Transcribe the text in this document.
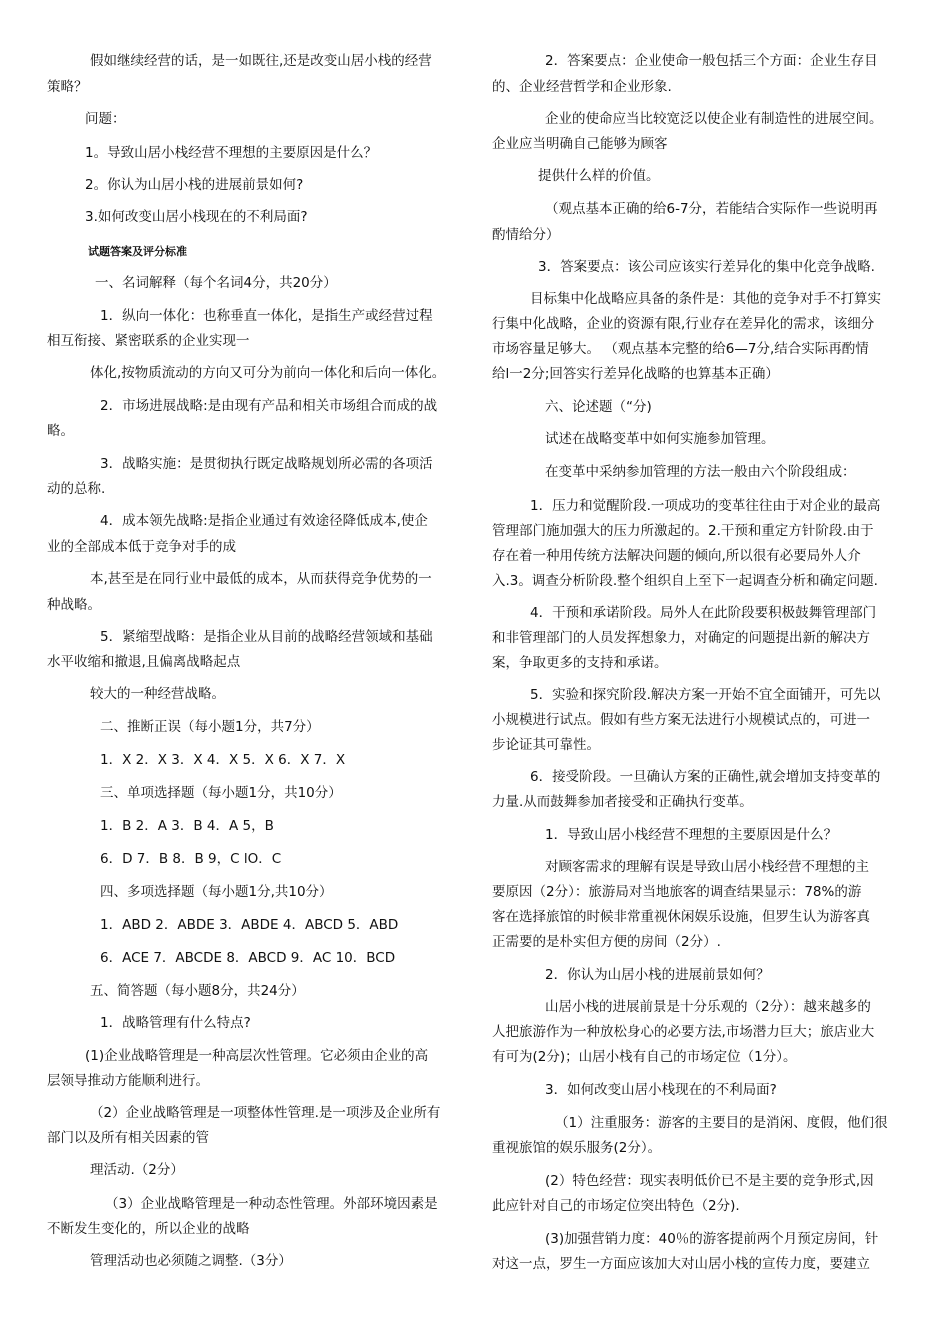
假如继续经营的话，是一如既往,还是改变山居小栈的经营
策略？
问题：
1。导致山居小栈经营不理想的主要原因是什么？
2。你认为山居小栈的进展前景如何?
3.如何改变山居小栈现在的不利局面?
试题答案及评分标准
一、名词解释（每个名词4分，共20分）
1．纵向一体化：也称垂直一体化，是指生产或经营过程
相互衔接、紧密联系的企业实现一
体化,按物质流动的方向又可分为前向一体化和后向一体化。
2．市场进展战略:是由现有产品和相关市场组合而成的战
略。
3．战略实施：是贯彻执行既定战略规划所必需的各项活
动的总称.
4．成本领先战略:是指企业通过有效途径降低成本,使企
业的全部成本低于竞争对手的成
本,甚至是在同行业中最低的成本，从而获得竞争优势的一
种战略。
5．紧缩型战略：是指企业从目前的战略经营领域和基础
水平收缩和撤退,且偏离战略起点
较大的一种经营战略。
二、推断正误（每小题1分，共7分）
1．X 2．X 3．X 4．X 5．X 6．X 7．X
三、单项选择题（每小题1分，共10分）
1．B 2．A 3．B 4．A 5，B
6．D 7．B 8．B 9，C lO．C
四、多项选择题（每小题1分,共10分）
1．ABD 2．ABDE 3．ABDE 4．ABCD 5．ABD
6．ACE 7．ABCDE 8．ABCD 9．AC 10．BCD
五、简答题（每小题8分，共24分）
1．战略管理有什么特点?
(1)企业战略管理是一种高层次性管理。它必须由企业的高
层领导推动方能顺利进行。
（2）企业战略管理是一项整体性管理.是一项涉及企业所有
部门以及所有相关因素的管
理活动.（2分）
（3）企业战略管理是一种动态性管理。外部环境因素是
不断发生变化的，所以企业的战略
管理活动也必须随之调整.（3分）
2．答案要点：企业使命一般包括三个方面：企业生存目
的、企业经营哲学和企业形象.
企业的使命应当比较宽泛以使企业有制造性的进展空间。
企业应当明确自己能够为顾客
提供什么样的价值。
（观点基本正确的给6-7分，若能结合实际作一些说明再
酌情给分）
3．答案要点：该公司应该实行差异化的集中化竞争战略.
目标集中化战略应具备的条件是：其他的竞争对手不打算实
行集中化战略，企业的资源有限,行业存在差异化的需求，该细分
市场容量足够大。 （观点基本完整的给6—7分,结合实际再酌情
给l一2分;回答实行差异化战略的也算基本正确）
六、论述题（“分)
试述在战略变革中如何实施参加管理。
在变革中采纳参加管理的方法一般由六个阶段组成：
1．压力和觉醒阶段.一项成功的变革往往由于对企业的最高
管理部门施加强大的压力所激起的。2.干预和重定方针阶段.由于
存在着一种用传统方法解决问题的倾向,所以很有必要局外人介
入.3。调查分析阶段.整个组织自上至下一起调查分析和确定问题.
4．干预和承诺阶段。局外人在此阶段要积极鼓舞管理部门
和非管理部门的人员发挥想象力，对确定的问题提出新的解决方
案，争取更多的支持和承诺。
5．实验和探究阶段.解决方案一开始不宜全面铺开，可先以
小规模进行试点。假如有些方案无法进行小规模试点的，可进一
步论证其可靠性。
6．接受阶段。一旦确认方案的正确性,就会增加支持变革的
力量.从而鼓舞参加者接受和正确执行变革。
1．导致山居小栈经营不理想的主要原因是什么？
对顾客需求的理解有误是导致山居小栈经营不理想的主
要原因（2分）：旅游局对当地旅客的调查结果显示：78%的游
客在选择旅馆的时候非常重视休闲娱乐设施，但罗生认为游客真
正需要的是朴实但方便的房间（2分）.
2．你认为山居小栈的进展前景如何？
山居小栈的进展前景是十分乐观的（2分）：越来越多的
人把旅游作为一种放松身心的必要方法,市场潜力巨大；旅店业大
有可为(2分)；山居小栈有自己的市场定位（1分）。
3．如何改变山居小栈现在的不利局面?
（1）注重服务：游客的主要目的是消闲、度假，他们很
重视旅馆的娱乐服务(2分）。
(2）特色经营：现实表明低价已不是主要的竞争形式,因
此应针对自己的市场定位突出特色（2分).
(3)加强营销力度：40％的游客提前两个月预定房间，针
对这一点，罗生一方面应该加大对山居小栈的宣传力度，要建立
